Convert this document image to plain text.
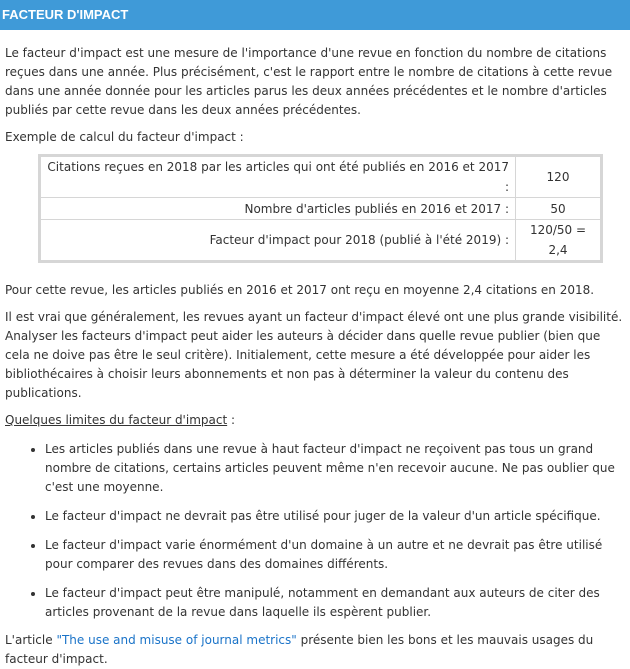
FACTEUR D'IMPACT

Le facteur d'impact est une mesure de l'importance d'une revue en fonction du nombre de citations reçues dans une année. Plus précisément, c'est le rapport entre le nombre de citations à cette revue dans une année donnée pour les articles parus les deux années précédentes et le nombre d'articles publiés par cette revue dans les deux années précédentes.

Exemple de calcul du facteur d'impact :

Citations reçues en 2018 par les articles qui ont été publiés en 2016 et 2017 :	120
Nombre d'articles publiés en 2016 et 2017 :	50
Facteur d'impact pour 2018 (publié à l'été 2019) :	120/50 = 2,4

Pour cette revue, les articles publiés en 2016 et 2017 ont reçu en moyenne 2,4 citations en 2018.

Il est vrai que généralement, les revues ayant un facteur d'impact élevé ont une plus grande visibilité. Analyser les facteurs d'impact peut aider les auteurs à décider dans quelle revue publier (bien que cela ne doive pas être le seul critère). Initialement, cette mesure a été développée pour aider les bibliothécaires à choisir leurs abonnements et non pas à déterminer la valeur du contenu des publications.

Quelques limites du facteur d'impact :

• Les articles publiés dans une revue à haut facteur d'impact ne reçoivent pas tous un grand nombre de citations, certains articles peuvent même n'en recevoir aucune. Ne pas oublier que c'est une moyenne.
• Le facteur d'impact ne devrait pas être utilisé pour juger de la valeur d'un article spécifique.
• Le facteur d'impact varie énormément d'un domaine à un autre et ne devrait pas être utilisé pour comparer des revues dans des domaines différents.
• Le facteur d'impact peut être manipulé, notamment en demandant aux auteurs de citer des articles provenant de la revue dans laquelle ils espèrent publier.

L'article "The use and misuse of journal metrics" présente bien les bons et les mauvais usages du facteur d'impact.
